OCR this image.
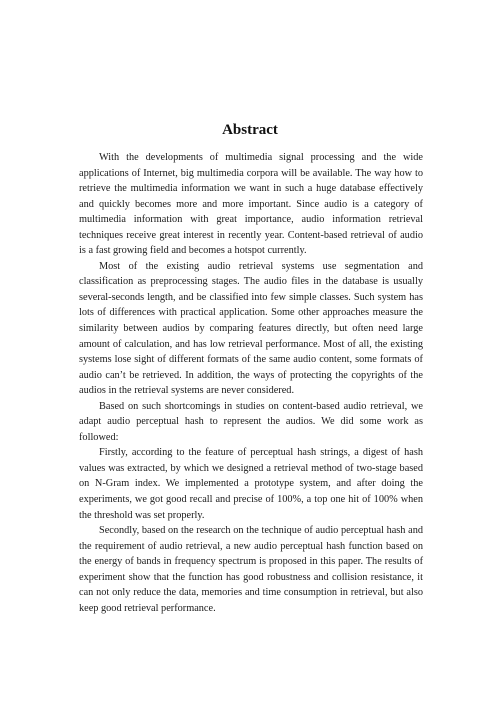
Abstract

With the developments of multimedia signal processing and the wide applications of Internet, big multimedia corpora will be available. The way how to retrieve the multimedia information we want in such a huge database effectively and quickly becomes more and more important. Since audio is a category of multimedia information with great importance, audio information retrieval techniques receive great interest in recently year. Content-based retrieval of audio is a fast growing field and becomes a hotspot currently.

Most of the existing audio retrieval systems use segmentation and classification as preprocessing stages. The audio files in the database is usually several-seconds length, and be classified into few simple classes. Such system has lots of differences with practical application. Some other approaches measure the similarity between audios by comparing features directly, but often need large amount of calculation, and has low retrieval performance. Most of all, the existing systems lose sight of different formats of the same audio content, some formats of audio can’t be retrieved. In addition, the ways of protecting the copyrights of the audios in the retrieval systems are never considered.

Based on such shortcomings in studies on content-based audio retrieval, we adapt audio perceptual hash to represent the audios. We did some work as followed:

Firstly, according to the feature of perceptual hash strings, a digest of hash values was extracted, by which we designed a retrieval method of two-stage based on N-Gram index. We implemented a prototype system, and after doing the experiments, we got good recall and precise of 100%, a top one hit of 100% when the threshold was set properly.

Secondly, based on the research on the technique of audio perceptual hash and the requirement of audio retrieval, a new audio perceptual hash function based on the energy of bands in frequency spectrum is proposed in this paper. The results of experiment show that the function has good robustness and collision resistance, it can not only reduce the data, memories and time consumption in retrieval, but also keep good retrieval performance.
